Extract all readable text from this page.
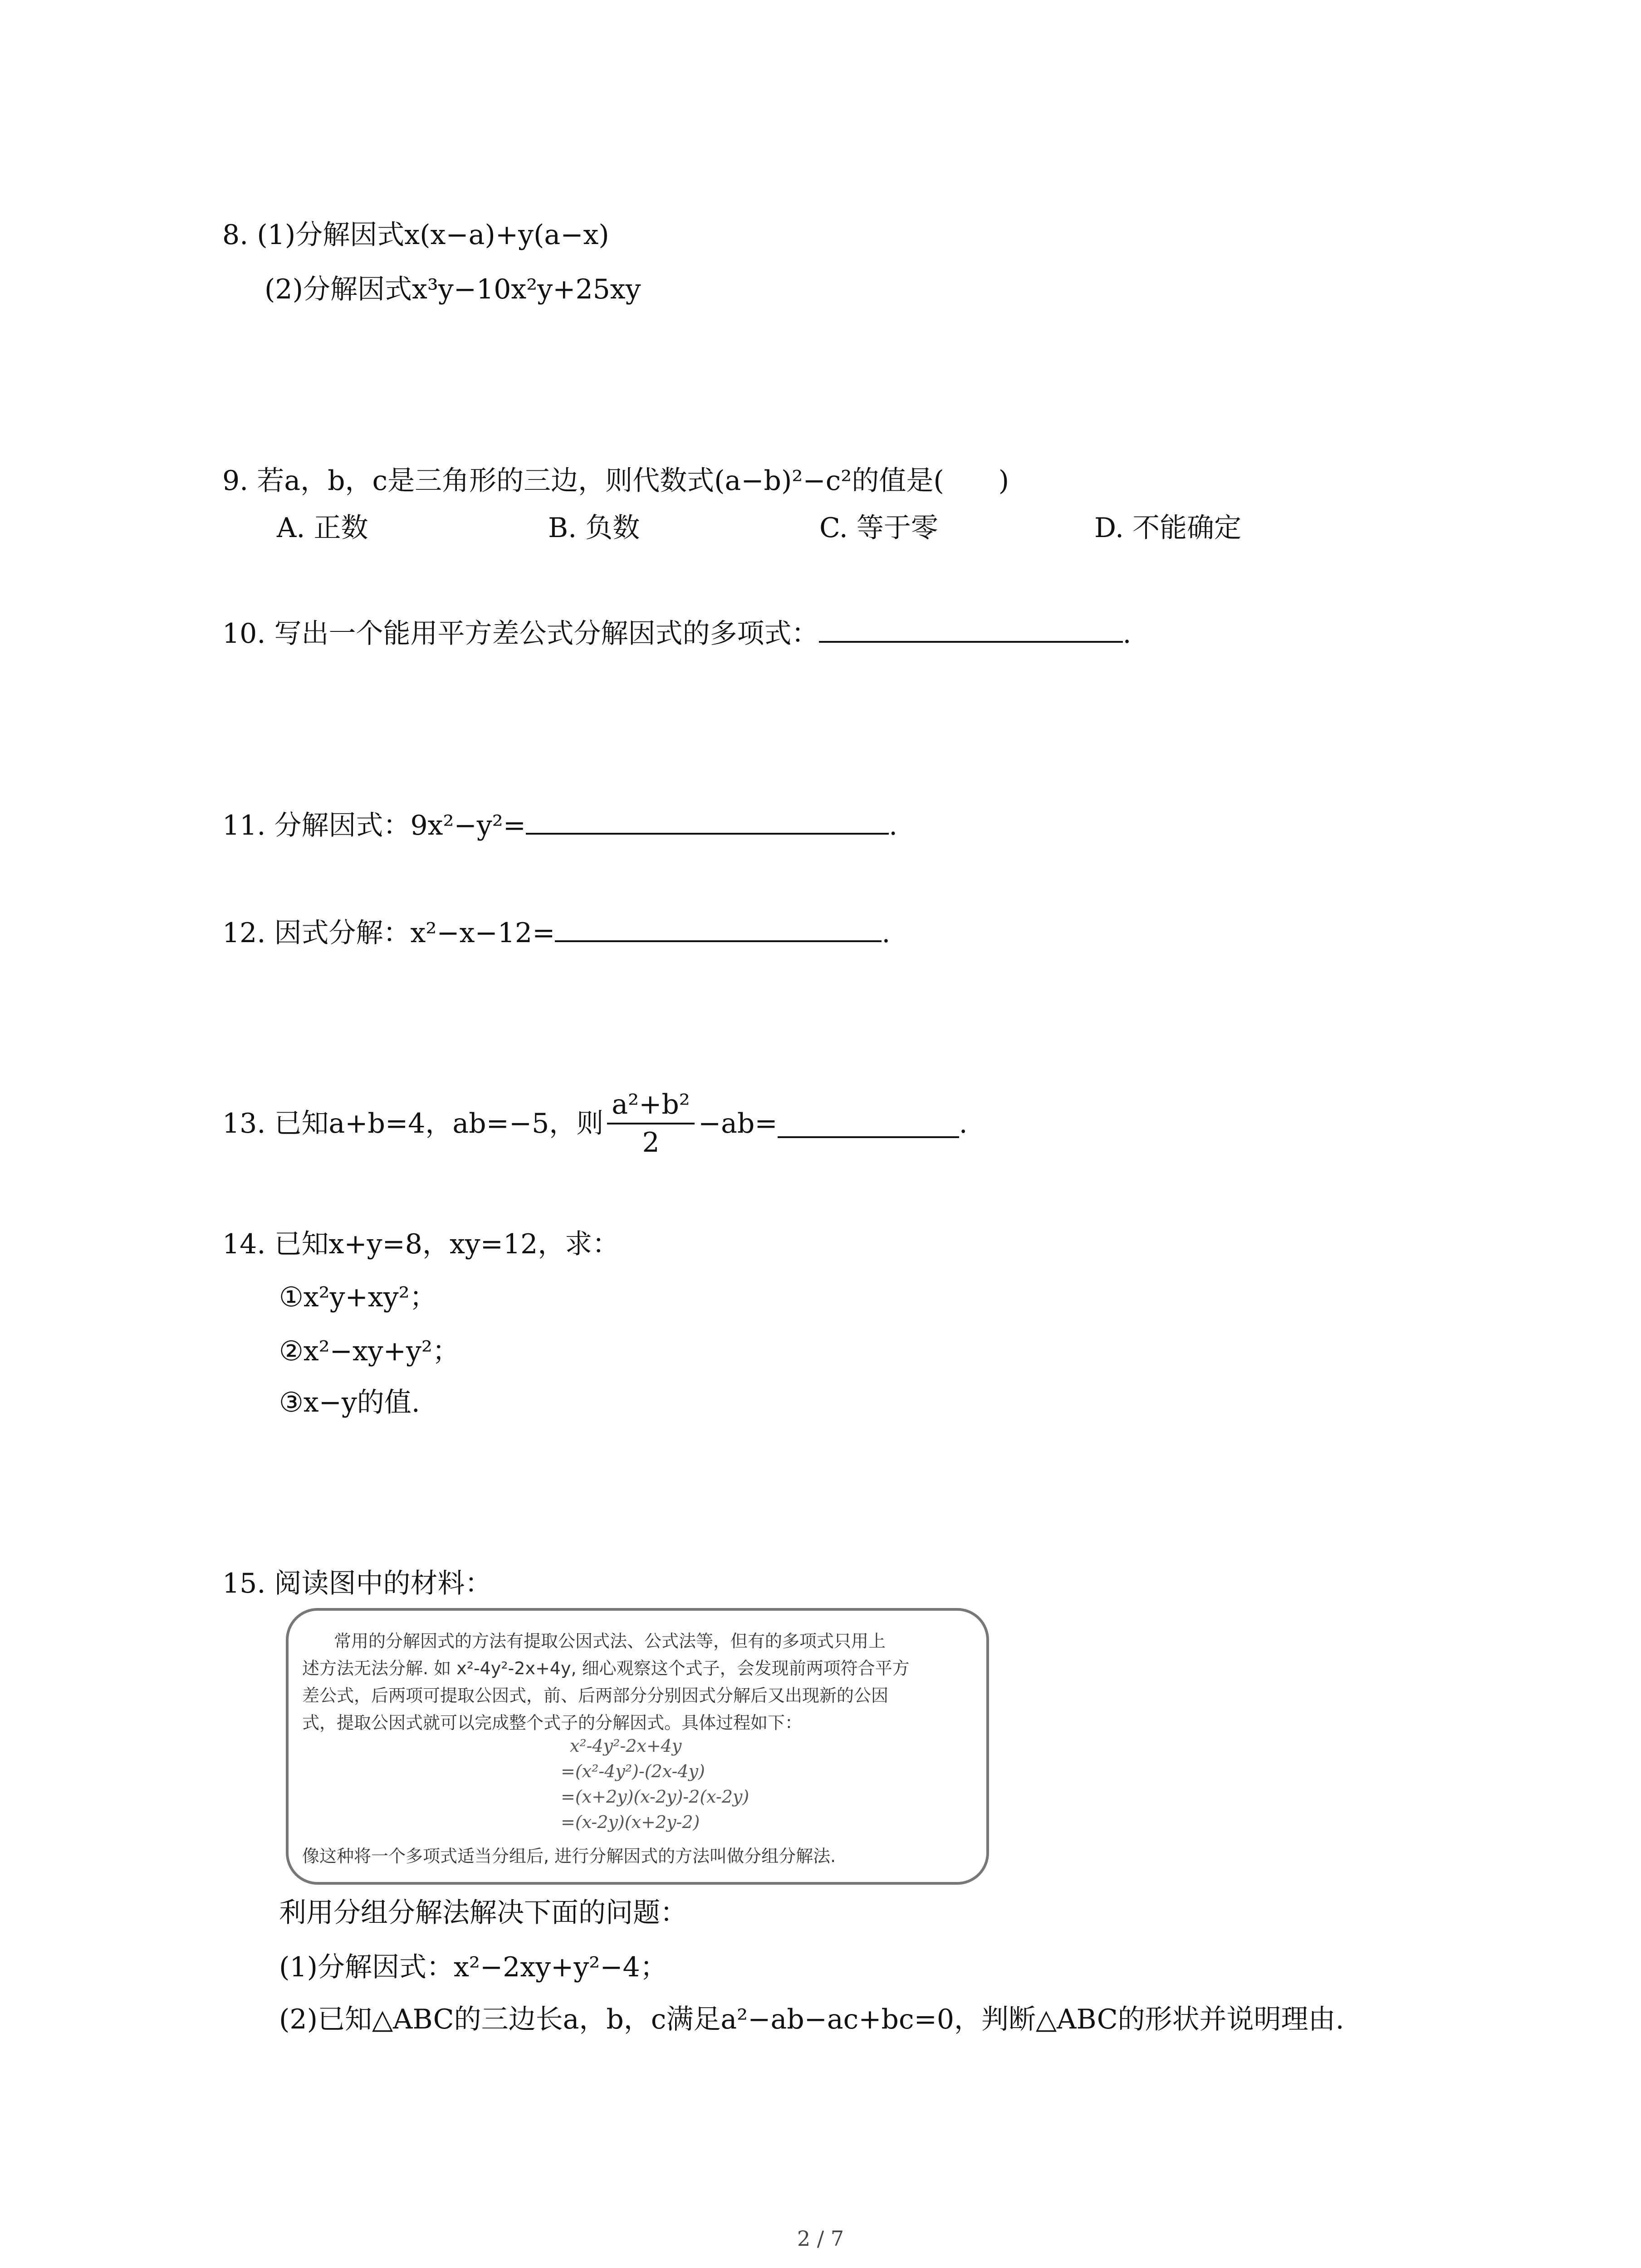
8. (1)分解因式x(x−a)+y(a−x)
(2)分解因式x³y−10x²y+25xy
9. 若a，b，c是三角形的三边，则代数式(a−b)²−c²的值是(　　)
A. 正数	B. 负数	C. 等于零	D. 不能确定
10. 写出一个能用平方差公式分解因式的多项式：	.
11. 分解因式：9x²−y²=	.
12. 因式分解：x²−x−12=	.
13. 已知a+b=4，ab=−5，则 $\frac{\text{a²+b²}}{2} -ab=$	.
14. 已知x+y=8，xy=12，求：
①x²y+xy²；
②x²−xy+y²；
③x−y的值.
15. 阅读图中的材料：
常用的分解因式的方法有提取公因式法、公式法等，但有的多项式只用上
述方法无法分解. 如 x²-4y²-2x+4y, 细心观察这个式子，会发现前两项符合平方
差公式，后两项可提取公因式，前、后两部分分别因式分解后又出现新的公因
式，提取公因式就可以完成整个式子的分解因式。具体过程如下：
x²-4y²-2x+4y
=(x²-4y²)-(2x-4y)
=(x+2y)(x-2y)-2(x-2y)
=(x-2y)(x+2y-2)
像这种将一个多项式适当分组后, 进行分解因式的方法叫做分组分解法.
利用分组分解法解决下面的问题：
(1)分解因式：x²−2xy+y²−4；
(2)已知△ABC的三边长a，b，c满足a²−ab−ac+bc=0，判断△ABC的形状并说明理由.
2 / 7
